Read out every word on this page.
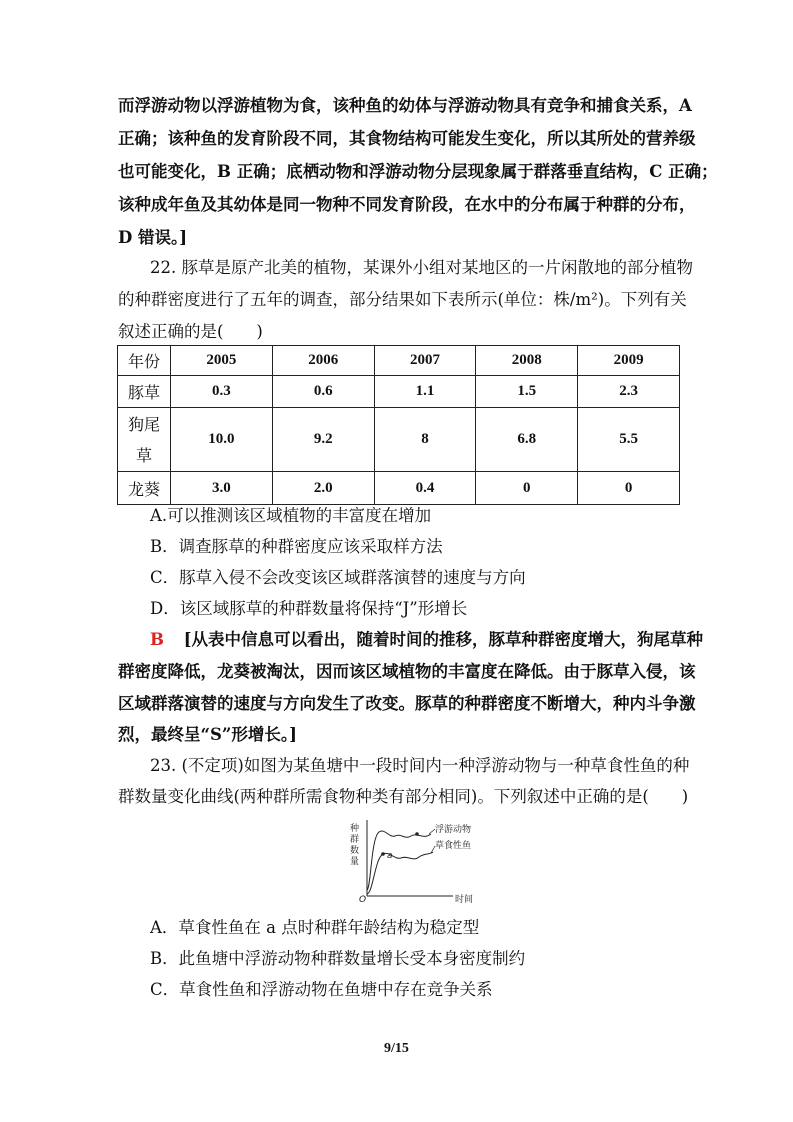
而浮游动物以浮游植物为食，该种鱼的幼体与浮游动物具有竞争和捕食关系，A
正确；该种鱼的发育阶段不同，其食物结构可能发生变化，所以其所处的营养级
也可能变化，B 正确；底栖动物和浮游动物分层现象属于群落垂直结构，C 正确；
该种成年鱼及其幼体是同一物种不同发育阶段，在水中的分布属于种群的分布，
D 错误。]
22. 豚草是原产北美的植物，某课外小组对某地区的一片闲散地的部分植物
的种群密度进行了五年的调查，部分结果如下表所示(单位：株/m²)。下列有关
叙述正确的是(　　)
年份	2005	2006	2007	2008	2009
豚草	0.3	0.6	1.1	1.5	2.3
狗尾
草	10.0	9.2	8	6.8	5.5
龙葵	3.0	2.0	0.4	0	0
A.可以推测该区域植物的丰富度在增加
B．调查豚草的种群密度应该采取样方法
C．豚草入侵不会改变该区域群落演替的速度与方向
D．该区域豚草的种群数量将保持“J”形增长
B [从表中信息可以看出，随着时间的推移，豚草种群密度增大，狗尾草种
群密度降低，龙葵被淘汰，因而该区域植物的丰富度在降低。由于豚草入侵，该
区域群落演替的速度与方向发生了改变。豚草的种群密度不断增大，种内斗争激
烈，最终呈“S”形增长。]
23. (不定项)如图为某鱼塘中一段时间内一种浮游动物与一种草食性鱼的种
群数量变化曲线(两种群所需食物种类有部分相同)。下列叙述中正确的是(　　)
种
群
数
量
O	时间
浮游动物
草食性鱼
a
A．草食性鱼在 a 点时种群年龄结构为稳定型
B．此鱼塘中浮游动物种群数量增长受本身密度制约
C．草食性鱼和浮游动物在鱼塘中存在竞争关系
9/15
